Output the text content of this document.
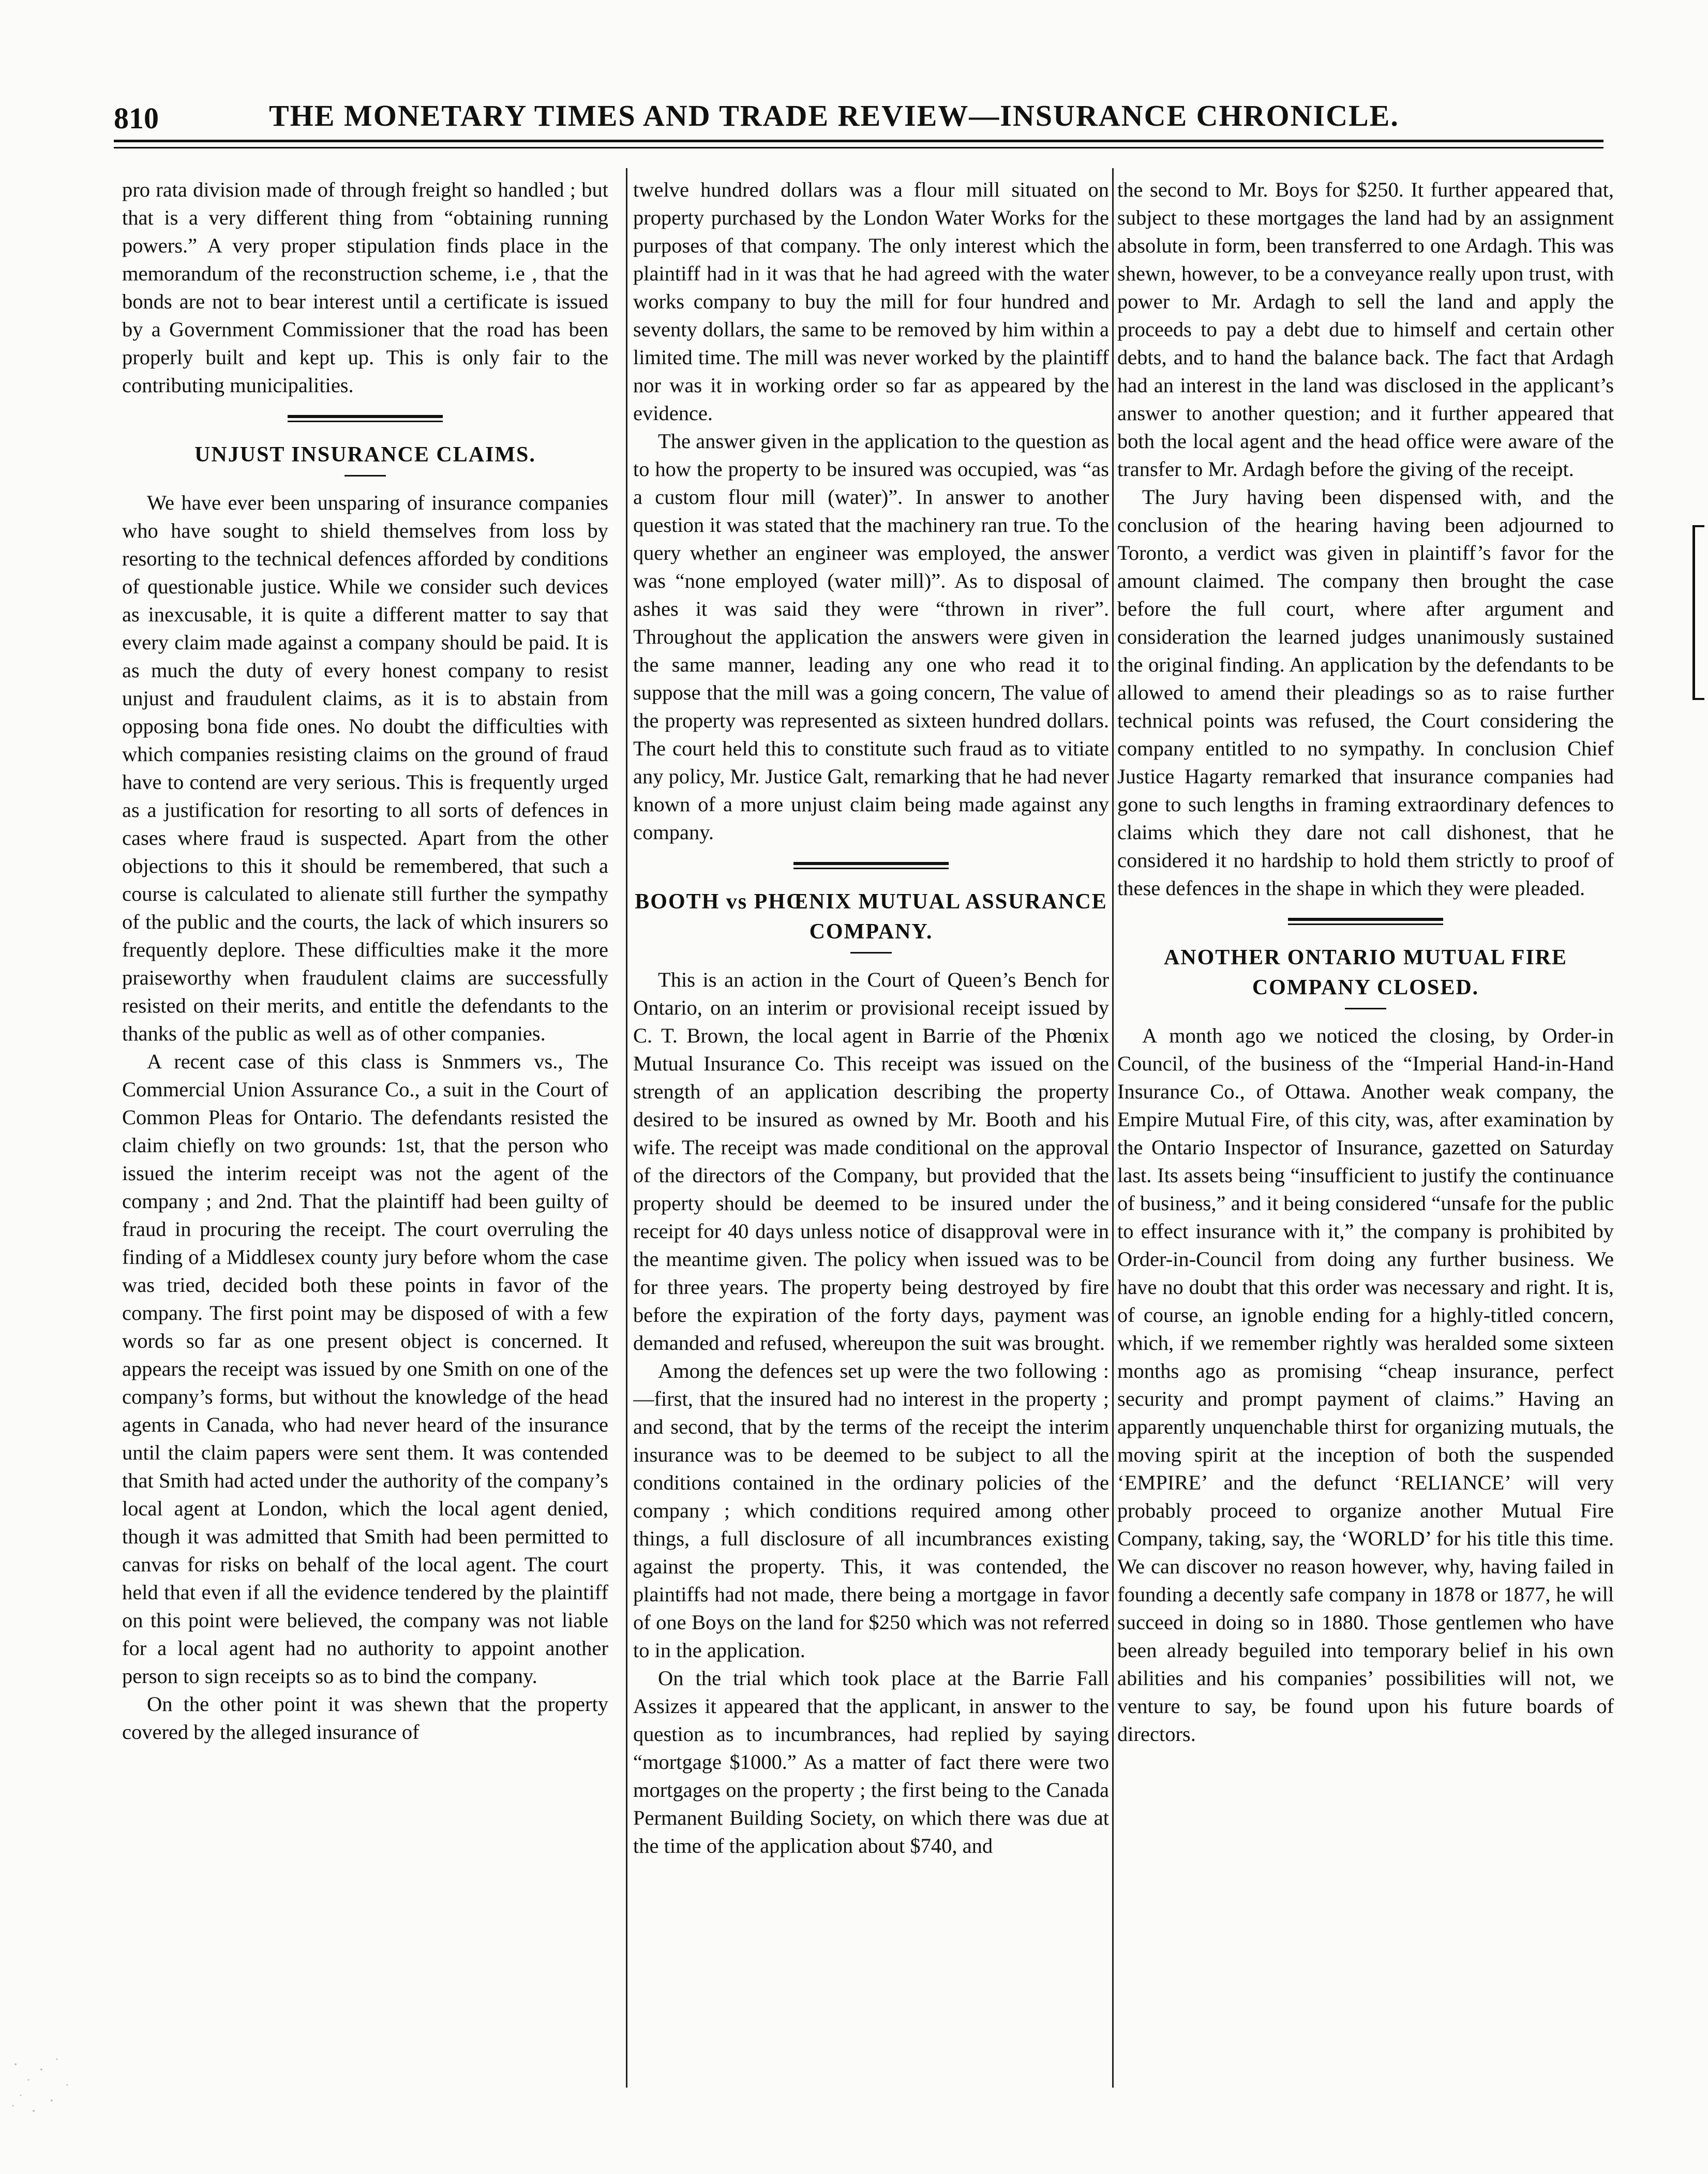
810	THE MONETARY TIMES AND TRADE REVIEW—INSURANCE CHRONICLE.

pro rata division made of through freight so handled ; but that is a very different thing from “obtaining running powers.” A very proper stipulation finds place in the memorandum of the reconstruction scheme, i.e , that the bonds are not to bear interest until a certificate is issued by a Government Commissioner that the road has been properly built and kept up. This is only fair to the contributing municipalities.

UNJUST INSURANCE CLAIMS.

We have ever been unsparing of insurance companies who have sought to shield themselves from loss by resorting to the technical defences afforded by conditions of questionable justice. While we consider such devices as inexcusable, it is quite a different matter to say that every claim made against a company should be paid. It is as much the duty of every honest company to resist unjust and fraudulent claims, as it is to abstain from opposing bona fide ones. No doubt the difficulties with which companies resisting claims on the ground of fraud have to contend are very serious. This is frequently urged as a justification for resorting to all sorts of defences in cases where fraud is suspected. Apart from the other objections to this it should be remembered, that such a course is calculated to alienate still further the sympathy of the public and the courts, the lack of which insurers so frequently deplore. These difficulties make it the more praiseworthy when fraudulent claims are successfully resisted on their merits, and entitle the defendants to the thanks of the public as well as of other companies.

A recent case of this class is Snmmers vs., The Commercial Union Assurance Co., a suit in the Court of Common Pleas for Ontario. The defendants resisted the claim chiefly on two grounds: 1st, that the person who issued the interim receipt was not the agent of the company ; and 2nd. That the plaintiff had been guilty of fraud in procuring the receipt. The court overruling the finding of a Middlesex county jury before whom the case was tried, decided both these points in favor of the company. The first point may be disposed of with a few words so far as one present object is concerned. It appears the receipt was issued by one Smith on one of the company’s forms, but without the knowledge of the head agents in Canada, who had never heard of the insurance until the claim papers were sent them. It was contended that Smith had acted under the authority of the company’s local agent at London, which the local agent denied, though it was admitted that Smith had been permitted to canvas for risks on behalf of the local agent. The court held that even if all the evidence tendered by the plaintiff on this point were believed, the company was not liable for a local agent had no authority to appoint another person to sign receipts so as to bind the company.

On the other point it was shewn that the property covered by the alleged insurance of

twelve hundred dollars was a flour mill situated on property purchased by the London Water Works for the purposes of that company. The only interest which the plaintiff had in it was that he had agreed with the water works company to buy the mill for four hundred and seventy dollars, the same to be removed by him within a limited time. The mill was never worked by the plaintiff nor was it in working order so far as appeared by the evidence.

The answer given in the application to the question as to how the property to be insured was occupied, was “as a custom flour mill (water)”. In answer to another question it was stated that the machinery ran true. To the query whether an engineer was employed, the answer was “none employed (water mill)”. As to disposal of ashes it was said they were “thrown in river”. Throughout the application the answers were given in the same manner, leading any one who read it to suppose that the mill was a going concern, The value of the property was represented as sixteen hundred dollars. The court held this to constitute such fraud as to vitiate any policy, Mr. Justice Galt, remarking that he had never known of a more unjust claim being made against any company.

BOOTH vs PHŒNIX MUTUAL ASSURANCE COMPANY.

This is an action in the Court of Queen’s Bench for Ontario, on an interim or provisional receipt issued by C. T. Brown, the local agent in Barrie of the Phœnix Mutual Insurance Co. This receipt was issued on the strength of an application describing the property desired to be insured as owned by Mr. Booth and his wife. The receipt was made conditional on the approval of the directors of the Company, but provided that the property should be deemed to be insured under the receipt for 40 days unless notice of disapproval were in the meantime given. The policy when issued was to be for three years. The property being destroyed by fire before the expiration of the forty days, payment was demanded and refused, whereupon the suit was brought.

Among the defences set up were the two following :—first, that the insured had no interest in the property ; and second, that by the terms of the receipt the interim insurance was to be deemed to be subject to all the conditions contained in the ordinary policies of the company ; which conditions required among other things, a full disclosure of all incumbrances existing against the property. This, it was contended, the plaintiffs had not made, there being a mortgage in favor of one Boys on the land for $250 which was not referred to in the application.

On the trial which took place at the Barrie Fall Assizes it appeared that the applicant, in answer to the question as to incumbrances, had replied by saying “mortgage $1000.” As a matter of fact there were two mortgages on the property ; the first being to the Canada Permanent Building Society, on which there was due at the time of the application about $740, and

the second to Mr. Boys for $250. It further appeared that, subject to these mortgages the land had by an assignment absolute in form, been transferred to one Ardagh. This was shewn, however, to be a conveyance really upon trust, with power to Mr. Ardagh to sell the land and apply the proceeds to pay a debt due to himself and certain other debts, and to hand the balance back. The fact that Ardagh had an interest in the land was disclosed in the applicant’s answer to another question; and it further appeared that both the local agent and the head office were aware of the transfer to Mr. Ardagh before the giving of the receipt.

The Jury having been dispensed with, and the conclusion of the hearing having been adjourned to Toronto, a verdict was given in plaintiff’s favor for the amount claimed. The company then brought the case before the full court, where after argument and consideration the learned judges unanimously sustained the original finding. An application by the defendants to be allowed to amend their pleadings so as to raise further technical points was refused, the Court considering the company entitled to no sympathy. In conclusion Chief Justice Hagarty remarked that insurance companies had gone to such lengths in framing extraordinary defences to claims which they dare not call dishonest, that he considered it no hardship to hold them strictly to proof of these defences in the shape in which they were pleaded.

ANOTHER ONTARIO MUTUAL FIRE COMPANY CLOSED.

A month ago we noticed the closing, by Order-in Council, of the business of the “Imperial Hand-in-Hand Insurance Co., of Ottawa. Another weak company, the Empire Mutual Fire, of this city, was, after examination by the Ontario Inspector of Insurance, gazetted on Saturday last. Its assets being “insufficient to justify the continuance of business,” and it being considered “unsafe for the public to effect insurance with it,” the company is prohibited by Order-in-Council from doing any further business. We have no doubt that this order was necessary and right. It is, of course, an ignoble ending for a highly-titled concern, which, if we remember rightly was heralded some sixteen months ago as promising “cheap insurance, perfect security and prompt payment of claims.” Having an apparently unquenchable thirst for organizing mutuals, the moving spirit at the inception of both the suspended ‘EMPIRE’ and the defunct ‘RELIANCE’ will very probably proceed to organize another Mutual Fire Company, taking, say, the ‘WORLD’ for his title this time. We can discover no reason however, why, having failed in founding a decently safe company in 1878 or 1877, he will succeed in doing so in 1880. Those gentlemen who have been already beguiled into temporary belief in his own abilities and his companies’ possibilities will not, we venture to say, be found upon his future boards of directors.
